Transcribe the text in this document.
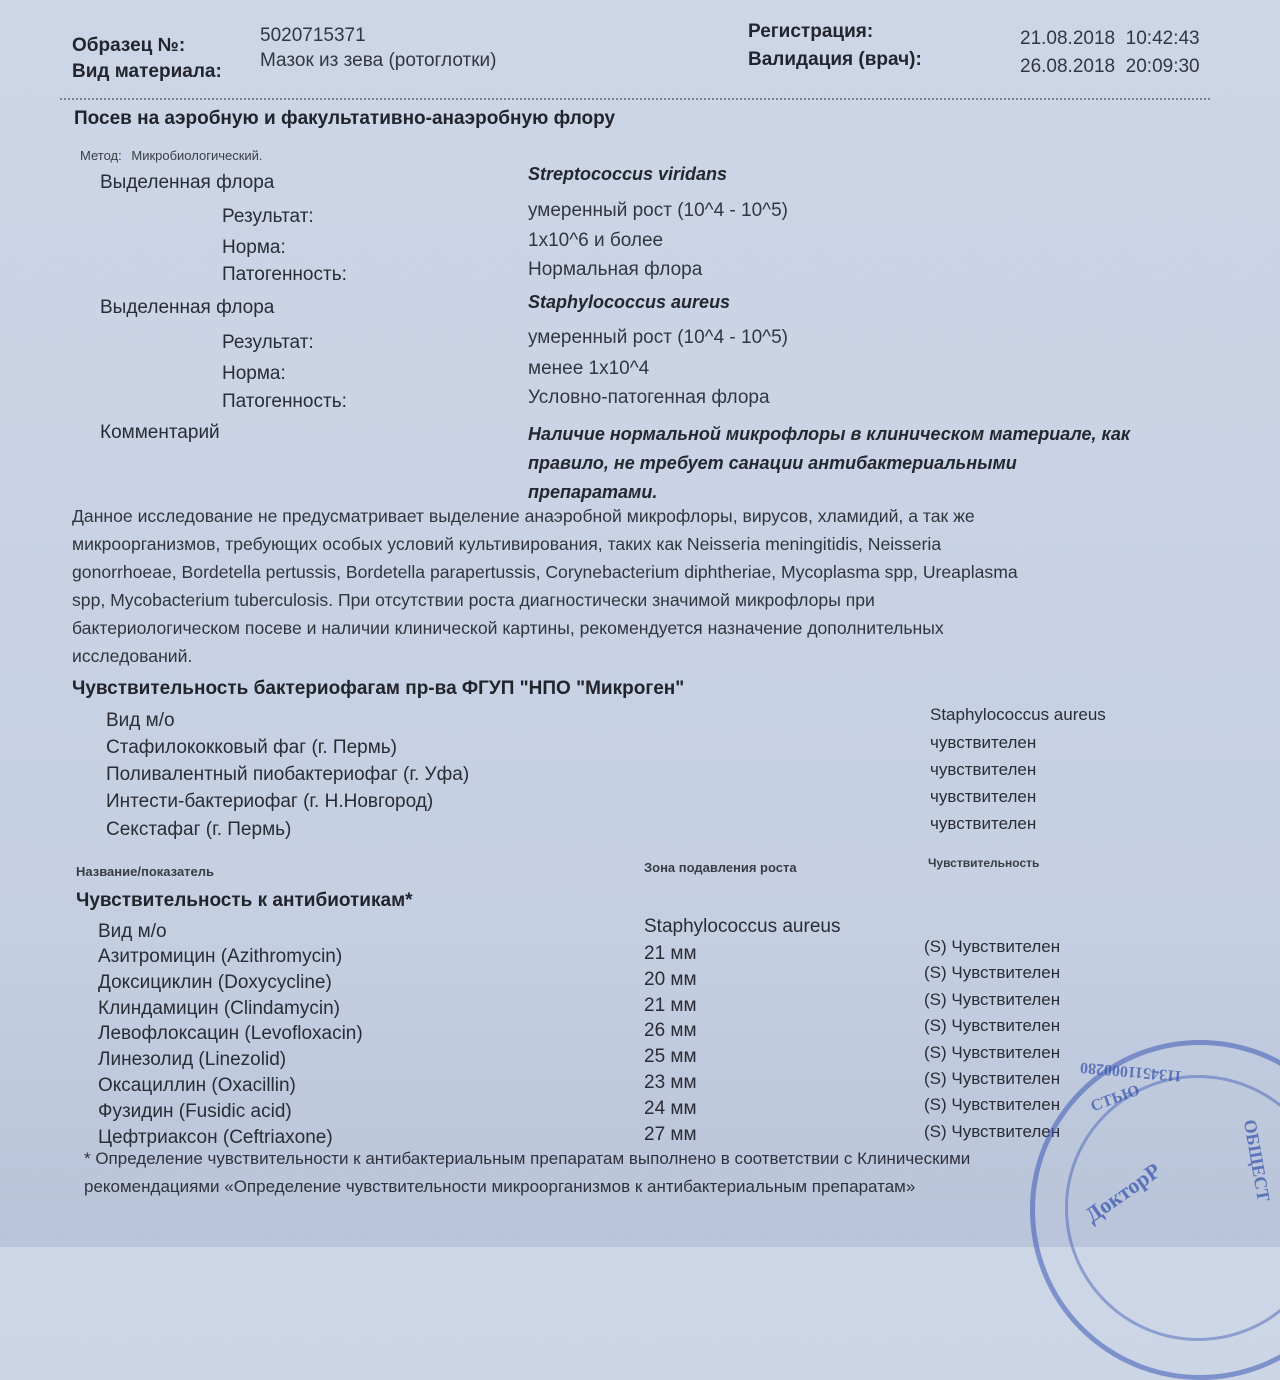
Образец №:	5020715371
Вид материала:
Мазок из зева (ротоглотки)
Регистрация:	21.08.2018  10:42:43
Валидация (врач):	26.08.2018  20:09:30
Посев на аэробную и факультативно-анаэробную флору
Метод: Микробиологический.
Выделенная флора	Streptococcus viridans
Результат:	умеренный рост (10^4 - 10^5)
Норма:	1х10^6 и более
Патогенность:	Нормальная флора
Выделенная флора	Staphylococcus aureus
Результат:	умеренный рост (10^4 - 10^5)
Норма:	менее 1х10^4
Патогенность:	Условно-патогенная флора
Комментарий	Наличие нормальной микрофлоры в клиническом материале, как
правило, не требует санации антибактериальными
препаратами.
Данное исследование не предусматривает выделение анаэробной микрофлоры, вирусов, хламидий, а так же
микроорганизмов, требующих особых условий культивирования, таких как Neisseria meningitidis, Neisseria
gonorrhoeae, Bordetella pertussis, Bordetella parapertussis, Corynebacterium diphtheriae, Mycoplasma spp, Ureaplasma
spp, Mycobacterium tuberculosis. При отсутствии роста диагностически значимой микрофлоры при
бактериологическом посеве и наличии клинической картины, рекомендуется назначение дополнительных
исследований.
Чувствительность бактериофагам пр-ва ФГУП "НПО "Микроген"
Вид м/о	Staphylococcus aureus
Стафилококковый фаг (г. Пермь)	чувствителен
Поливалентный пиобактериофаг (г. Уфа)	чувствителен
Интести-бактериофаг (г. Н.Новгород)	чувствителен
Секстафаг (г. Пермь)	чувствителен
Название/показатель	Зона подавления роста	Чувствительность
Чувствительность к антибиотикам*
Вид м/о	Staphylococcus aureus
Азитромицин (Azithromycin)	21 мм	(S) Чувствителен
Доксициклин (Doxycycline)	20 мм	(S) Чувствителен
Клиндамицин (Clindamycin)	21 мм	(S) Чувствителен
Левофлоксацин (Levofloxacin)	26 мм	(S) Чувствителен
Линезолид (Linezolid)	25 мм	(S) Чувствителен
Оксациллин (Oxacillin)	23 мм	(S) Чувствителен
Фузидин (Fusidic acid)	24 мм	(S) Чувствителен
Цефтриаксон (Ceftriaxone)	27 мм	(S) Чувствителен
* Определение чувствительности к антибактериальным препаратам выполнено в соответствии с Клиническими
рекомендациями «Определение чувствительности микроорганизмов к антибактериальным препаратам»
1134511000280
ОБЩЕСТ
ДокторР
СТЬЮ
